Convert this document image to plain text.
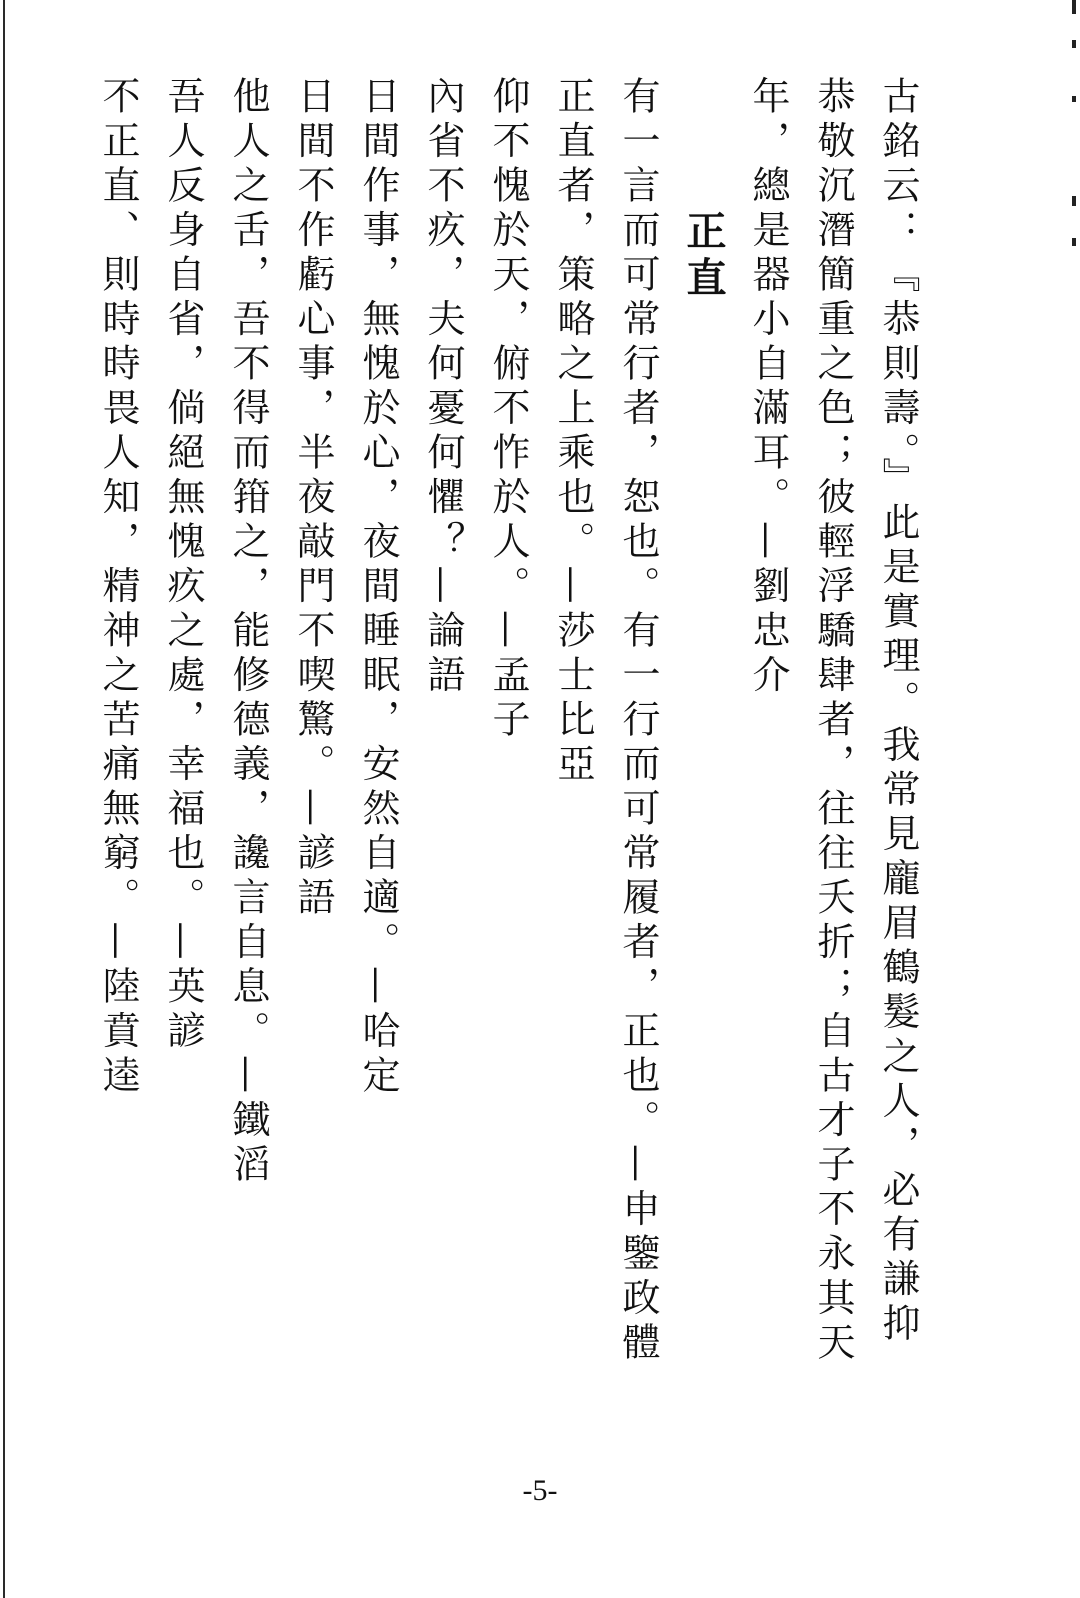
古銘云：『恭則壽。』此是實理。我常見龐眉鶴髮之人，必有謙抑
恭敬沉潛簡重之色；彼輕浮驕肆者，往往夭折；自古才子不永其天
年，總是器小自滿耳。—劉忠介
正直
有一言而可常行者，恕也。有一行而可常履者，正也。—申鑒政體
正直者，策略之上乘也。—莎士比亞
仰不愧於天，俯不怍於人。—孟子
內省不疚，夫何憂何懼？—論語
日間作事，無愧於心，夜間睡眠，安然自適。—哈定
日間不作虧心事，半夜敲門不喫驚。—諺語
他人之舌，吾不得而箝之，能修德義，讒言自息。—鐵滔
吾人反身自省，倘絕無愧疚之處，幸福也。—英諺
不正直、則時時畏人知，精神之苦痛無窮。—陸賁逵
-5-
